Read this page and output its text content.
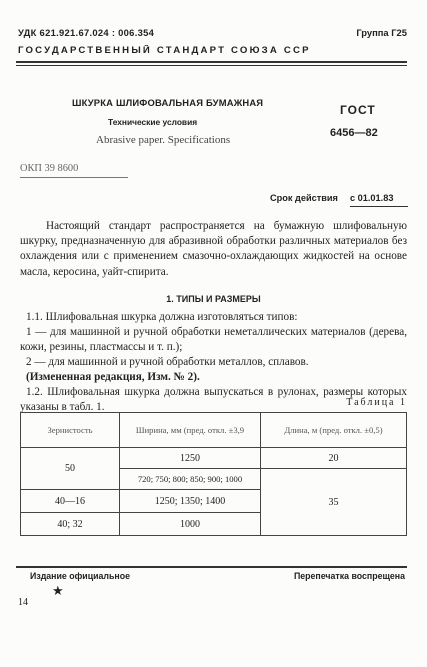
УДК 621.921.67.024 : 006.354	Группа Г25
ГОСУДАРСТВЕННЫЙ СТАНДАРТ СОЮЗА ССР
ШКУРКА ШЛИФОВАЛЬНАЯ БУМАЖНАЯ
Технические условия
Abrasive paper. Specifications
ГОСТ
6456—82
ОКП 39 8600
Срок действия с 01.01.83
Настоящий стандарт распространяется на бумажную шлифовальную шкурку, предназначенную для абразивной обработки различных материалов без охлаждения или с применением смазочно-охлаждающих жидкостей на основе масла, керосина, уайт-спирита.
1. ТИПЫ И РАЗМЕРЫ
1.1. Шлифовальная шкурка должна изготовляться типов:
1 — для машинной и ручной обработки неметаллических материалов (дерева, кожи, резины, пластмассы и т. п.);
2 — для машинной и ручной обработки металлов, сплавов.
(Измененная редакция, Изм. № 2).
1.2. Шлифовальная шкурка должна выпускаться в рулонах, размеры которых указаны в табл. 1.	Таблица 1
Зернистость	Ширина, мм (пред. откл. ±3,9	Длина, м (пред. откл. ±0,5)
50	1250	20
	720; 750; 800; 850; 900; 1000	35
40—16	1250; 1350; 1400	
40; 32	1000	
Издание официальное	Перепечатка воспрещена
★
14
